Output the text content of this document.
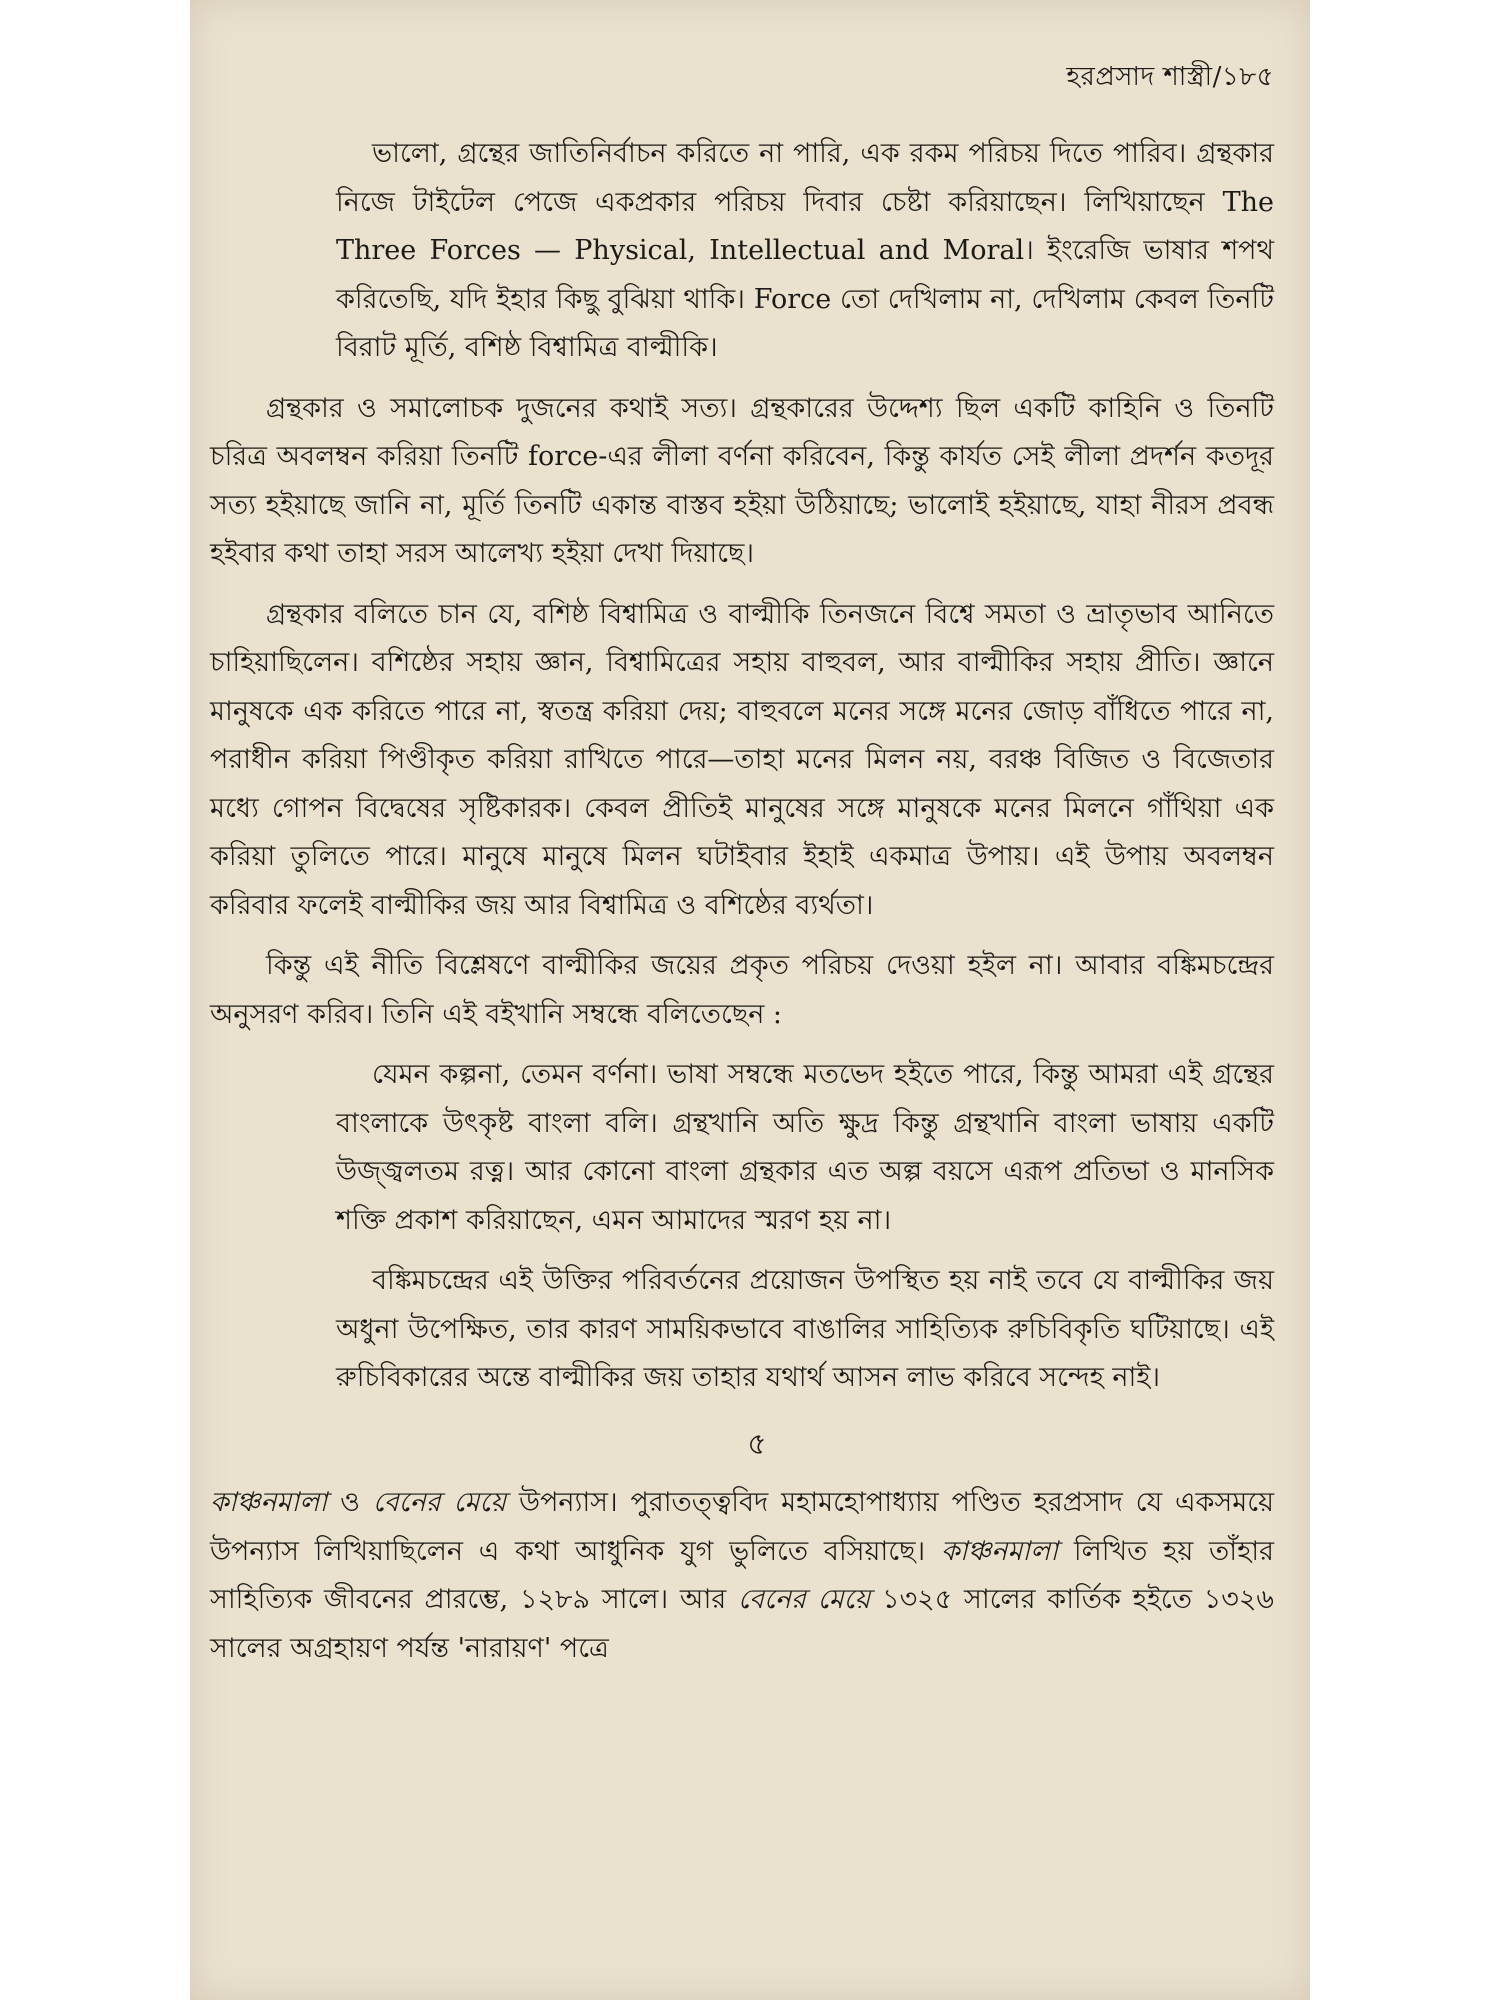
হরপ্রসাদ শাস্ত্রী/১৮৫

ভালো, গ্রন্থের জাতিনির্বাচন করিতে না পারি, এক রকম পরিচয় দিতে পারিব। গ্রন্থকার নিজে টাইটেল পেজে একপ্রকার পরিচয় দিবার চেষ্টা করিয়াছেন। লিখিয়াছেন The Three Forces — Physical, Intellectual and Moral। ইংরেজি ভাষার শপথ করিতেছি, যদি ইহার কিছু বুঝিয়া থাকি। Force তো দেখিলাম না, দেখিলাম কেবল তিনটি বিরাট মূর্তি, বশিষ্ঠ বিশ্বামিত্র বাল্মীকি।

গ্রন্থকার ও সমালোচক দুজনের কথাই সত্য। গ্রন্থকারের উদ্দেশ্য ছিল একটি কাহিনি ও তিনটি চরিত্র অবলম্বন করিয়া তিনটি force-এর লীলা বর্ণনা করিবেন, কিন্তু কার্যত সেই লীলা প্রদর্শন কতদূর সত্য হইয়াছে জানি না, মূর্তি তিনটি একান্ত বাস্তব হইয়া উঠিয়াছে; ভালোই হইয়াছে, যাহা নীরস প্রবন্ধ হইবার কথা তাহা সরস আলেখ্য হইয়া দেখা দিয়াছে।

গ্রন্থকার বলিতে চান যে, বশিষ্ঠ বিশ্বামিত্র ও বাল্মীকি তিনজনে বিশ্বে সমতা ও ভ্রাতৃভাব আনিতে চাহিয়াছিলেন। বশিষ্ঠের সহায় জ্ঞান, বিশ্বামিত্রের সহায় বাহুবল, আর বাল্মীকির সহায় প্রীতি। জ্ঞানে মানুষকে এক করিতে পারে না, স্বতন্ত্র করিয়া দেয়; বাহুবলে মনের সঙ্গে মনের জোড় বাঁধিতে পারে না, পরাধীন করিয়া পিণ্ডীকৃত করিয়া রাখিতে পারে—তাহা মনের মিলন নয়, বরঞ্চ বিজিত ও বিজেতার মধ্যে গোপন বিদ্বেষের সৃষ্টিকারক। কেবল প্রীতিই মানুষের সঙ্গে মানুষকে মনের মিলনে গাঁথিয়া এক করিয়া তুলিতে পারে। মানুষে মানুষে মিলন ঘটাইবার ইহাই একমাত্র উপায়। এই উপায় অবলম্বন করিবার ফলেই বাল্মীকির জয় আর বিশ্বামিত্র ও বশিষ্ঠের ব্যর্থতা।

কিন্তু এই নীতি বিশ্লেষণে বাল্মীকির জয়ের প্রকৃত পরিচয় দেওয়া হইল না। আবার বঙ্কিমচন্দ্রের অনুসরণ করিব। তিনি এই বইখানি সম্বন্ধে বলিতেছেন :

যেমন কল্পনা, তেমন বর্ণনা। ভাষা সম্বন্ধে মতভেদ হইতে পারে, কিন্তু আমরা এই গ্রন্থের বাংলাকে উৎকৃষ্ট বাংলা বলি। গ্রন্থখানি অতি ক্ষুদ্র কিন্তু গ্রন্থখানি বাংলা ভাষায় একটি উজ্জ্বলতম রত্ন। আর কোনো বাংলা গ্রন্থকার এত অল্প বয়সে এরূপ প্রতিভা ও মানসিক শক্তি প্রকাশ করিয়াছেন, এমন আমাদের স্মরণ হয় না।

বঙ্কিমচন্দ্রের এই উক্তির পরিবর্তনের প্রয়োজন উপস্থিত হয় নাই তবে যে বাল্মীকির জয় অধুনা উপেক্ষিত, তার কারণ সাময়িকভাবে বাঙালির সাহিত্যিক রুচিবিকৃতি ঘটিয়াছে। এই রুচিবিকারের অন্তে বাল্মীকির জয় তাহার যথার্থ আসন লাভ করিবে সন্দেহ নাই।

৫

কাঞ্চনমালা ও বেনের মেয়ে উপন্যাস। পুরাতত্ত্ববিদ মহামহোপাধ্যায় পণ্ডিত হরপ্রসাদ যে একসময়ে উপন্যাস লিখিয়াছিলেন এ কথা আধুনিক যুগ ভুলিতে বসিয়াছে। কাঞ্চনমালা লিখিত হয় তাঁহার সাহিত্যিক জীবনের প্রারম্ভে, ১২৮৯ সালে। আর বেনের মেয়ে ১৩২৫ সালের কার্তিক হইতে ১৩২৬ সালের অগ্রহায়ণ পর্যন্ত 'নারায়ণ' পত্রে
